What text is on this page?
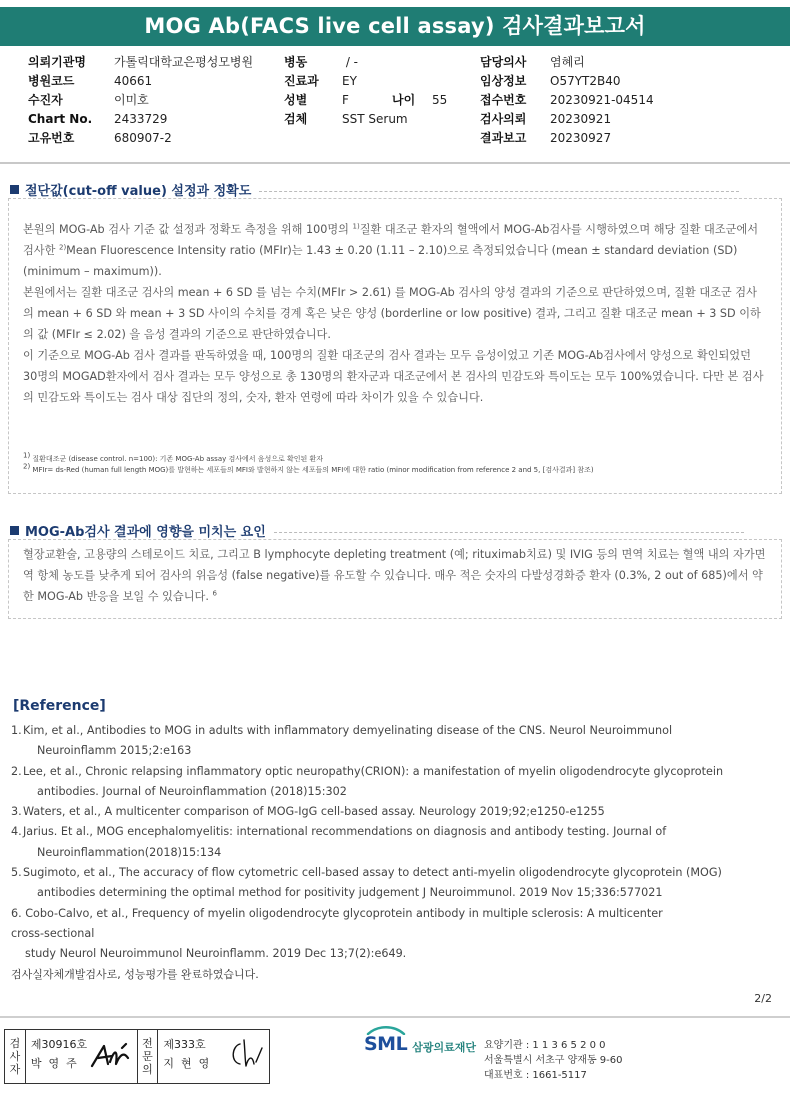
MOG Ab(FACS live cell assay) 검사결과보고서
의뢰기관명	가톨릭대학교은평성모병원
병원코드	40661
수진자	이미호
Chart No.	2433729
고유번호	680907-2
병동	/ -
진료과	EY
성별	F	나이	55
검체	SST Serum
담당의사	염혜리
임상정보	O57YT2B40
접수번호	20230921-04514
검사의뢰	20230921
결과보고	20230927
절단값(cut-off value) 설정과 정확도

본원의 MOG-Ab 검사 기준 값 설정과 정확도 측정을 위해 100명의 $^{1)}$질환 대조군 환자의 혈액에서 MOG-Ab검사를 시행하였으며 해당 질환 대조군에서 검사한 $^{2)}$Mean Fluorescence Intensity ratio (MFIr)는 1.43 ± 0.20 (1.11 – 2.10)으로 측정되었습니다 (mean ± standard deviation (SD) (minimum – maximum)).

본원에서는 질환 대조군 검사의 mean + 6 SD 를 넘는 수치(MFIr > 2.61) 를 MOG-Ab 검사의 양성 결과의 기준으로 판단하였으며, 질환 대조군 검사의 mean + 6 SD 와 mean + 3 SD 사이의 수치를 경계 혹은 낮은 양성 (borderline or low positive) 결과, 그리고 질환 대조군 mean + 3 SD 이하의 값 (MFIr ≤ 2.02) 을 음성 결과의 기준으로 판단하였습니다.

이 기준으로 MOG-Ab 검사 결과를 판독하였을 때, 100명의 질환 대조군의 검사 결과는 모두 음성이었고 기존 MOG-Ab검사에서 양성으로 확인되었던 30명의 MOGAD환자에서 검사 결과는 모두 양성으로 총 130명의 환자군과 대조군에서 본 검사의 민감도와 특이도는 모두 100%였습니다. 다만 본 검사의 민감도와 특이도는 검사 대상 집단의 정의, 숫자, 환자 연령에 따라 차이가 있을 수 있습니다.

$^{1)}$ 질환대조군 (disease control. n=100): 기존 MOG-Ab assay 검사에서 음성으로 확인된 환자
$^{2)}$ MFIr= ds-Red (human full length MOG)를 발현하는 세포들의 MFI와 발현하지 않는 세포들의 MFI에 대한 ratio (minor modification from reference 2 and 5, [검사결과] 참조)
MOG-Ab검사 결과에 영향을 미치는 요인
혈장교환술, 고용량의 스테로이드 치료, 그리고 B lymphocyte depleting treatment (예; rituximab치료) 및 IVIG 등의 면역 치료는 혈액 내의 자가면역 항체 농도를 낮추게 되어 검사의 위음성 (false negative)를 유도할 수 있습니다. 매우 적은 숫자의 다발성경화증 환자 (0.3%, 2 out of 685)에서 약한 MOG-Ab 반응을 보일 수 있습니다. $^6$
[Reference]
1. Kim, et al., Antibodies to MOG in adults with inflammatory demyelinating disease of the CNS. Neurol Neuroimmunol
Neuroinflamm 2015;2:e163
2. Lee, et al., Chronic relapsing inflammatory optic neuropathy(CRION): a manifestation of myelin oligodendrocyte glycoprotein
antibodies. Journal of Neuroinflammation (2018)15:302
3. Waters, et al., A multicenter comparison of MOG-IgG cell-based assay. Neurology 2019;92;e1250-e1255
4. Jarius. Et al., MOG encephalomyelitis: international recommendations on diagnosis and antibody testing. Journal of
Neuroinflammation(2018)15:134
5. Sugimoto, et al., The accuracy of flow cytometric cell-based assay to detect anti-myelin oligodendrocyte glycoprotein (MOG)
antibodies determining the optimal method for positivity judgement J Neuroimmunol. 2019 Nov 15;336:577021
6. Cobo-Calvo, et al., Frequency of myelin oligodendrocyte glycoprotein antibody in multiple sclerosis: A multicenter
cross-sectional
study Neurol Neuroimmunol Neuroinflamm. 2019 Dec 13;7(2):e649.
검사실자체개발검사로, 성능평가를 완료하였습니다.
2/2
검
사
자
제30916호
박영주
전
문
의
제333호
지현영
SML 삼광의료재단 요양기관 : 1 1 3 6 5 2 0 0
서울특별시 서초구 양재동 9-60
대표번호 : 1661-5117
